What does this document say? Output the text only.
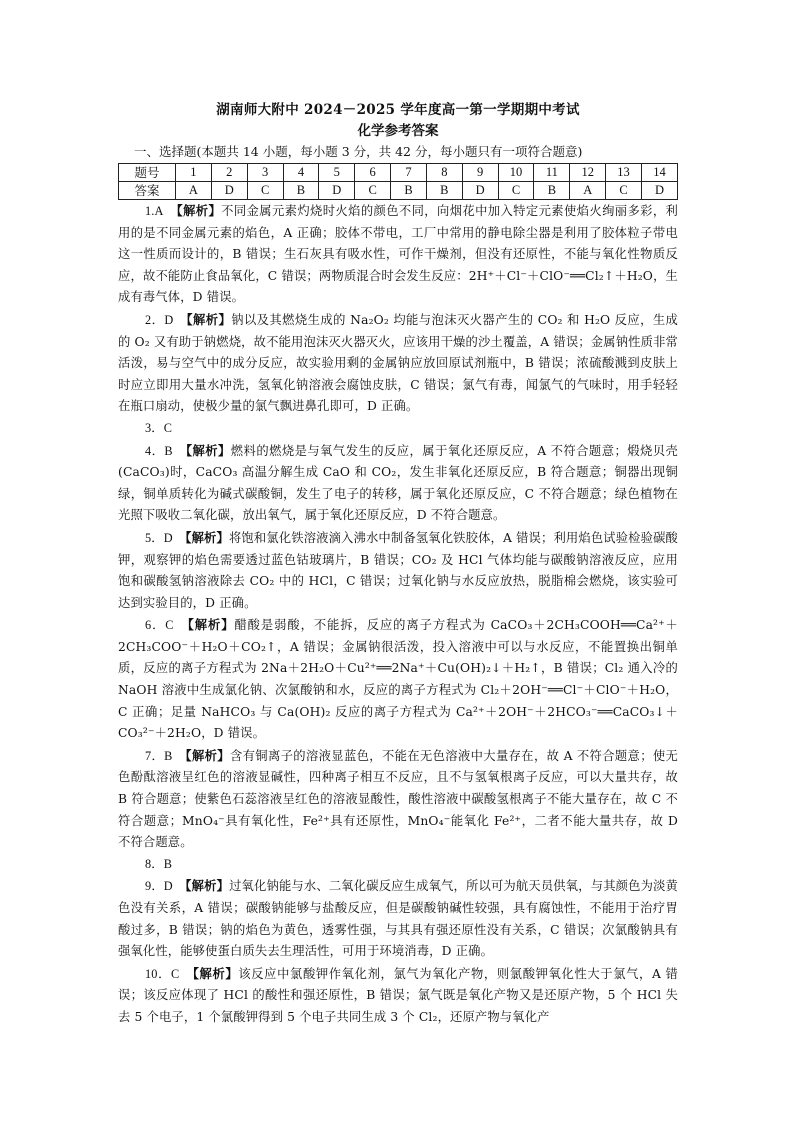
湖南师大附中 2024－2025 学年度高一第一学期期中考试
化学参考答案
一、选择题(本题共 14 小题，每小题 3 分，共 42 分，每小题只有一项符合题意)
题号	1	2	3	4	5	6	7	8	9	10	11	12	13	14
答案	A	D	C	B	D	C	B	B	D	C	B	A	C	D

1.A　 【解析】不同金属元素灼烧时火焰的颜色不同，向烟花中加入特定元素使焰火绚丽多彩，利用的是不同金属元素的焰色，A 正确；胶体不带电，工厂中常用的静电除尘器是利用了胶体粒子带电这一性质而设计的，B 错误；生石灰具有吸水性，可作干燥剂，但没有还原性，不能与氧化性物质反应，故不能防止食品氧化，C 错误；两物质混合时会发生反应：2H⁺＋Cl⁻＋ClO⁻══Cl₂↑＋H₂O，生成有毒气体，D 错误。

2．D　 【解析】钠以及其燃烧生成的 Na₂O₂ 均能与泡沫灭火器产生的 CO₂ 和 H₂O 反应，生成的 O₂ 又有助于钠燃烧，故不能用泡沫灭火器灭火，应该用干燥的沙土覆盖，A 错误；金属钠性质非常活泼，易与空气中的成分反应，故实验用剩的金属钠应放回原试剂瓶中，B 错误；浓硫酸溅到皮肤上时应立即用大量水冲洗，氢氧化钠溶液会腐蚀皮肤，C 错误；氯气有毒，闻氯气的气味时，用手轻轻在瓶口扇动，使极少量的氯气飘进鼻孔即可，D 正确。

3．C

4．B　 【解析】燃料的燃烧是与氧气发生的反应，属于氧化还原反应，A 不符合题意；煅烧贝壳(CaCO₃)时，CaCO₃ 高温分解生成 CaO 和 CO₂，发生非氧化还原反应，B 符合题意；铜器出现铜绿，铜单质转化为碱式碳酸铜，发生了电子的转移，属于氧化还原反应，C 不符合题意；绿色植物在光照下吸收二氧化碳，放出氧气，属于氧化还原反应，D 不符合题意。

5．D　 【解析】将饱和氯化铁溶液滴入沸水中制备氢氧化铁胶体，A 错误；利用焰色试验检验碳酸钾，观察钾的焰色需要透过蓝色钴玻璃片，B 错误；CO₂ 及 HCl 气体均能与碳酸钠溶液反应，应用饱和碳酸氢钠溶液除去 CO₂ 中的 HCl，C 错误；过氧化钠与水反应放热，脱脂棉会燃烧，该实验可达到实验目的，D 正确。

6．C　 【解析】醋酸是弱酸，不能拆，反应的离子方程式为 CaCO₃＋2CH₃COOH══Ca²⁺＋2CH₃COO⁻＋H₂O＋CO₂↑，A 错误；金属钠很活泼，投入溶液中可以与水反应，不能置换出铜单质，反应的离子方程式为 2Na＋2H₂O＋Cu²⁺══2Na⁺＋Cu(OH)₂↓＋H₂↑，B 错误；Cl₂ 通入冷的 NaOH 溶液中生成氯化钠、次氯酸钠和水，反应的离子方程式为 Cl₂＋2OH⁻══Cl⁻＋ClO⁻＋H₂O，C 正确；足量 NaHCO₃ 与 Ca(OH)₂ 反应的离子方程式为 Ca²⁺＋2OH⁻＋2HCO₃⁻══CaCO₃↓＋CO₃²⁻＋2H₂O，D 错误。

7．B　 【解析】含有铜离子的溶液显蓝色，不能在无色溶液中大量存在，故 A 不符合题意；使无色酚酞溶液呈红色的溶液显碱性，四种离子相互不反应，且不与氢氧根离子反应，可以大量共存，故 B 符合题意；使紫色石蕊溶液呈红色的溶液显酸性，酸性溶液中碳酸氢根离子不能大量存在，故 C 不符合题意；MnO₄⁻具有氧化性，Fe²⁺具有还原性，MnO₄⁻能氧化 Fe²⁺，二者不能大量共存，故 D 不符合题意。

8．B

9．D　 【解析】过氧化钠能与水、二氧化碳反应生成氧气，所以可为航天员供氧，与其颜色为淡黄色没有关系，A 错误；碳酸钠能够与盐酸反应，但是碳酸钠碱性较强，具有腐蚀性，不能用于治疗胃酸过多，B 错误；钠的焰色为黄色，透雾性强，与其具有强还原性没有关系，C 错误；次氯酸钠具有强氧化性，能够使蛋白质失去生理活性，可用于环境消毒，D 正确。

10．C　 【解析】该反应中氯酸钾作氧化剂，氯气为氧化产物，则氯酸钾氧化性大于氯气，A 错误；该反应体现了 HCl 的酸性和强还原性，B 错误；氯气既是氧化产物又是还原产物，5 个 HCl 失去 5 个电子，1 个氯酸钾得到 5 个电子共同生成 3 个 Cl₂，还原产物与氧化产
